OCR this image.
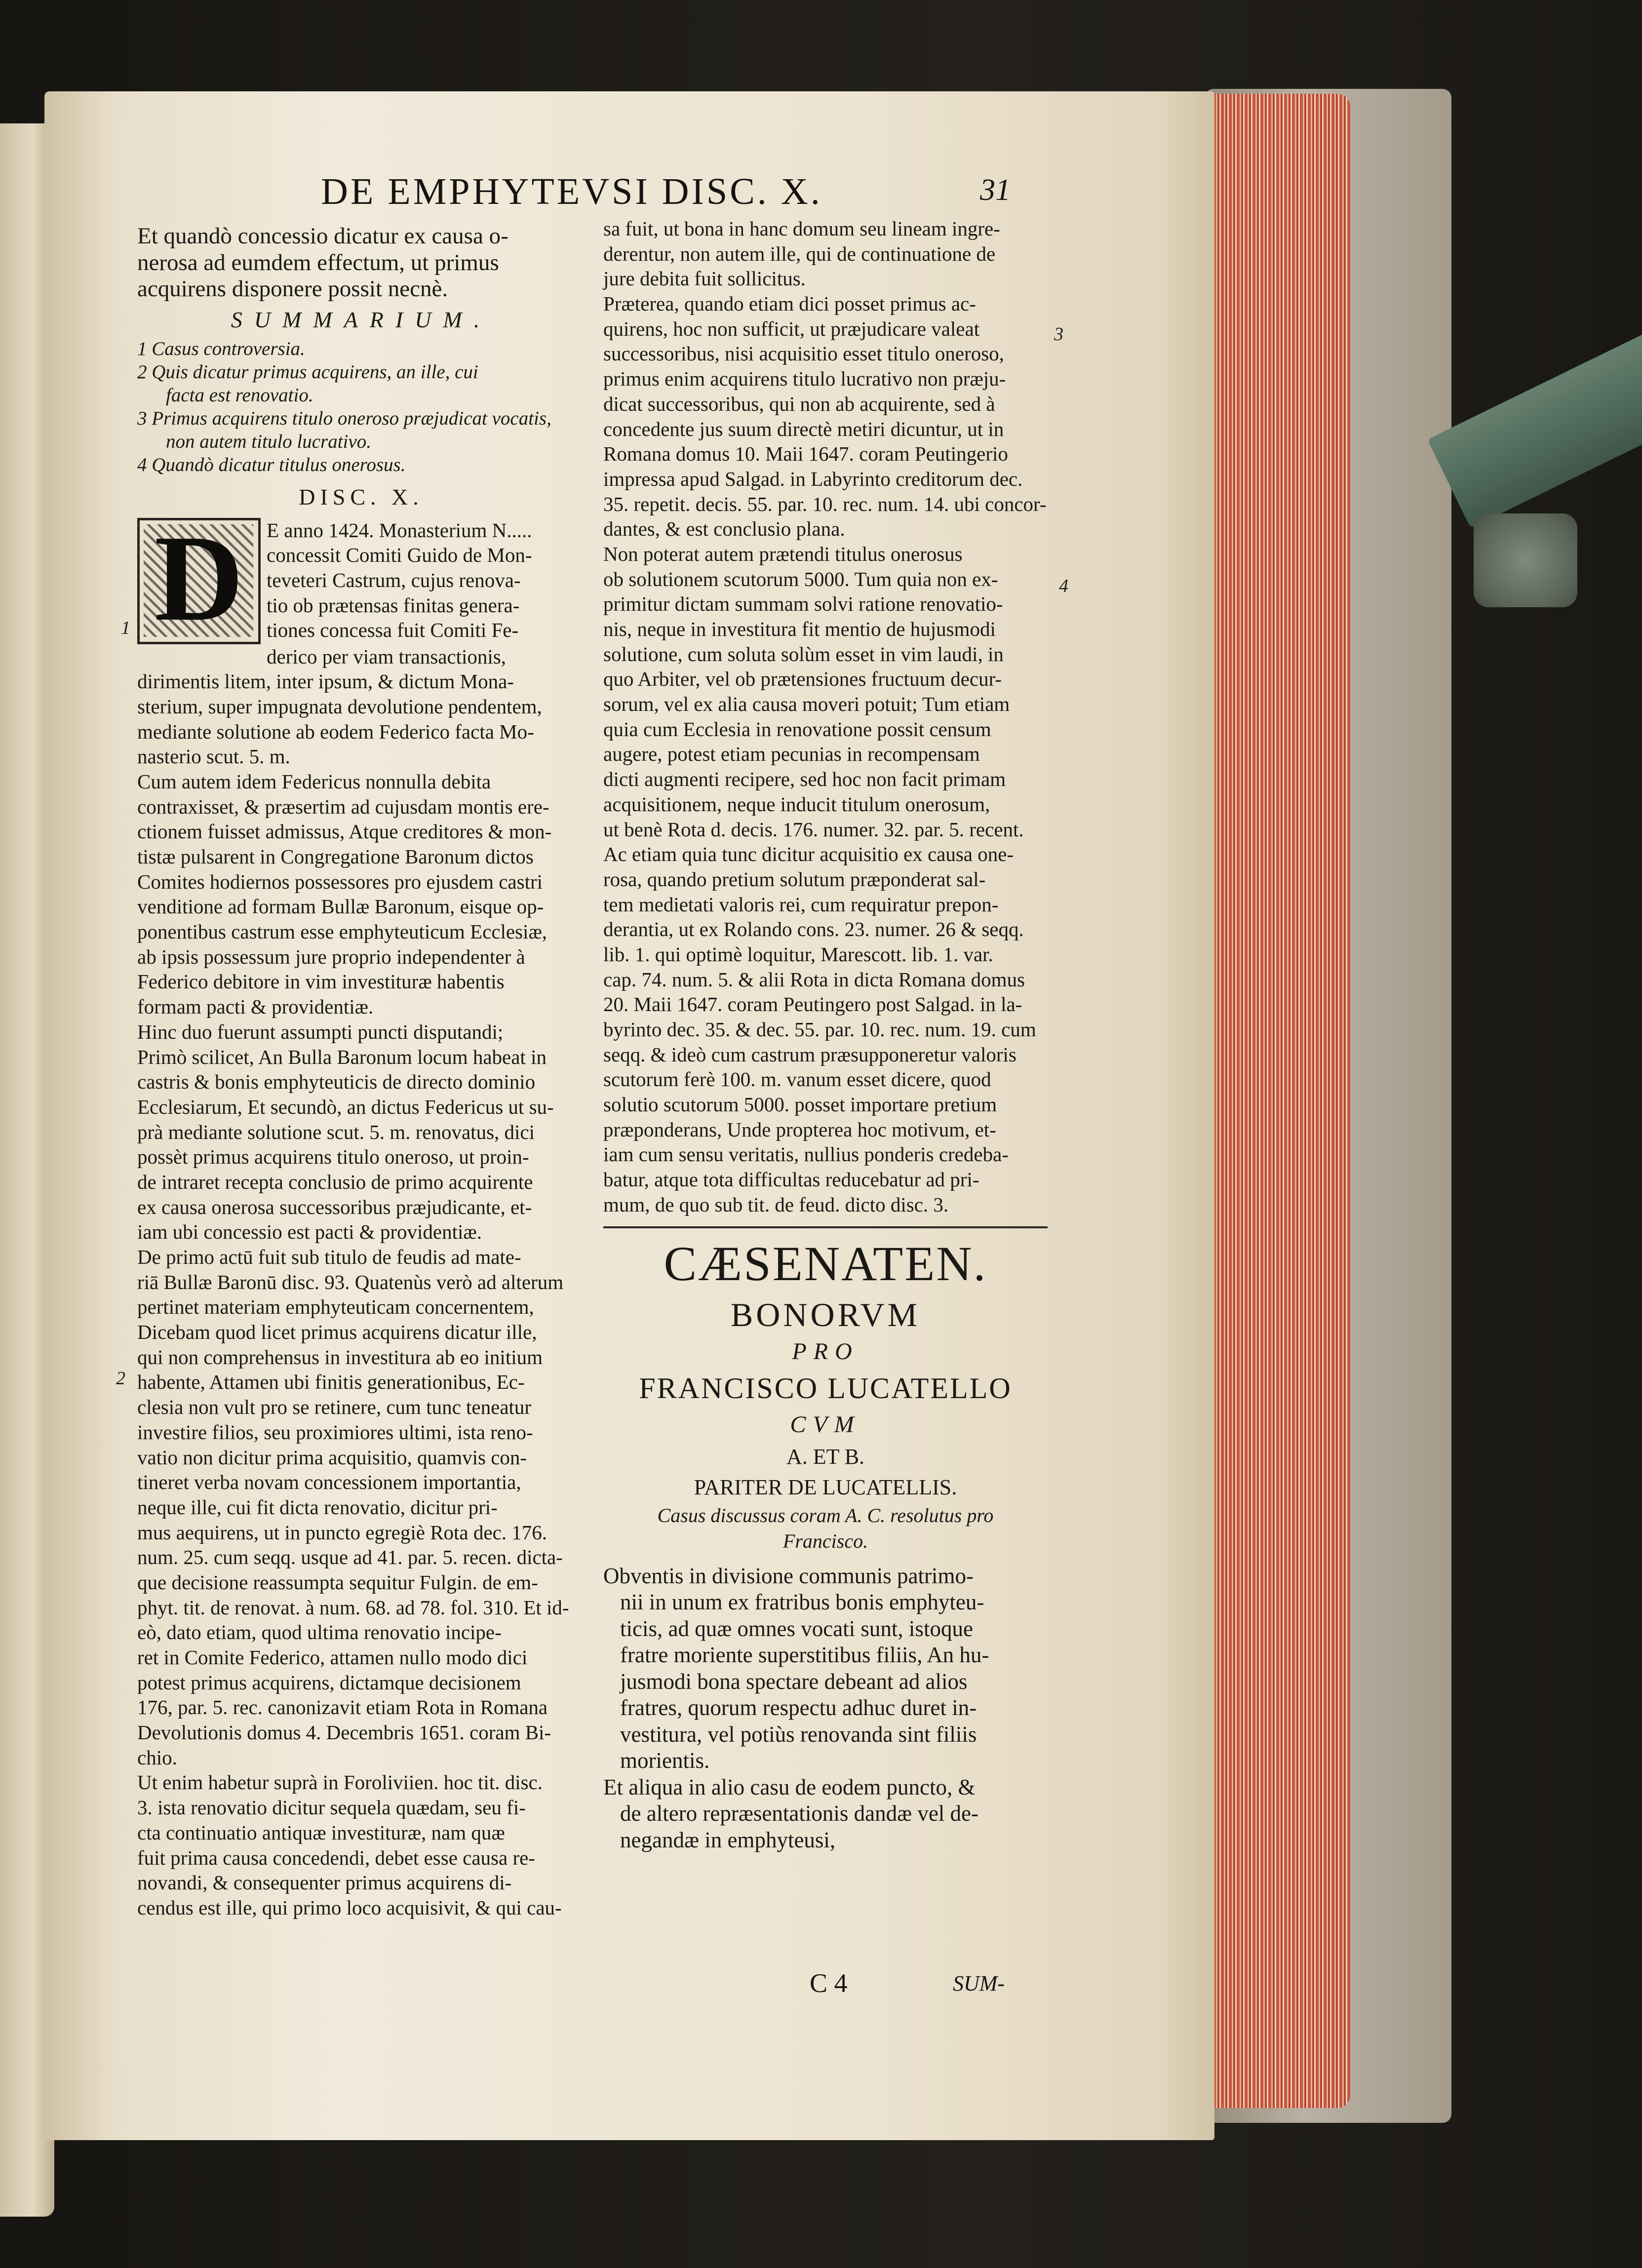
DE EMPHYTEVSI DISC. X.	31
Et quandò concessio dicatur ex causa o-
nerosa ad eumdem effectum, ut primus
acquirens disponere possit necnè.
SUMMARIUM.
1 Casus controversia.
2 Quis dicatur primus acquirens, an ille, cui
facta est renovatio.
3 Primus acquirens titulo oneroso præjudicat vocatis,
non autem titulo lucrativo.
4 Quandò dicatur titulus onerosus.
DISC. X.
D	E anno 1424. Monasterium N.....
concessit Comiti Guido de Mon-
teveteri Castrum, cujus renova-
tio ob prætensas finitas genera-
tiones concessa fuit Comiti Fe-
derico per viam transactionis,
dirimentis litem, inter ipsum, & dictum Mona-
sterium, super impugnata devolutione pendentem,
mediante solutione ab eodem Federico facta Mo-
nasterio scut. 5. m.
Cum autem idem Federicus nonnulla debita
contraxisset, & præsertim ad cujusdam montis ere-
ctionem fuisset admissus, Atque creditores & mon-
tistæ pulsarent in Congregatione Baronum dictos
Comites hodiernos possessores pro ejusdem castri
venditione ad formam Bullæ Baronum, eisque op-
ponentibus castrum esse emphyteuticum Ecclesiæ,
ab ipsis possessum jure proprio independenter à
Federico debitore in vim investituræ habentis
formam pacti & providentiæ.
Hinc duo fuerunt assumpti puncti disputandi;
Primò scilicet, An Bulla Baronum locum habeat in
castris & bonis emphyteuticis de directo dominio
Ecclesiarum, Et secundò, an dictus Federicus ut su-
prà mediante solutione scut. 5. m. renovatus, dici
possèt primus acquirens titulo oneroso, ut proin-
de intraret recepta conclusio de primo acquirente
ex causa onerosa successoribus præjudicante, et-
iam ubi concessio est pacti & providentiæ.
De primo actū fuit sub titulo de feudis ad mate-
riā Bullæ Baronū disc. 93. Quatenùs verò ad alterum
pertinet materiam emphyteuticam concernentem,
Dicebam quod licet primus acquirens dicatur ille,
qui non comprehensus in investitura ab eo initium
habente, Attamen ubi finitis generationibus, Ec-
clesia non vult pro se retinere, cum tunc teneatur
investire filios, seu proximiores ultimi, ista reno-
vatio non dicitur prima acquisitio, quamvis con-
tineret verba novam concessionem importantia,
neque ille, cui fit dicta renovatio, dicitur pri-
mus aequirens, ut in puncto egregiè Rota dec. 176.
num. 25. cum seqq. usque ad 41. par. 5. recen. dicta-
que decisione reassumpta sequitur Fulgin. de em-
phyt. tit. de renovat. à num. 68. ad 78. fol. 310. Et id-
eò, dato etiam, quod ultima renovatio incipe-
ret in Comite Federico, attamen nullo modo dici
potest primus acquirens, dictamque decisionem
176, par. 5. rec. canonizavit etiam Rota in Romana
Devolutionis domus 4. Decembris 1651. coram Bi-
chio.
Ut enim habetur suprà in Foroliviien. hoc tit. disc.
3. ista renovatio dicitur sequela quædam, seu fi-
cta continuatio antiquæ investituræ, nam quæ
fuit prima causa concedendi, debet esse causa re-
novandi, & consequenter primus acquirens di-
cendus est ille, qui primo loco acquisivit, & qui cau-
sa fuit, ut bona in hanc domum seu lineam ingre-
derentur, non autem ille, qui de continuatione de
jure debita fuit sollicitus.
Præterea, quando etiam dici posset primus ac-
quirens, hoc non sufficit, ut præjudicare valeat
successoribus, nisi acquisitio esset titulo oneroso,
primus enim acquirens titulo lucrativo non præju-
dicat successoribus, qui non ab acquirente, sed à
concedente jus suum directè metiri dicuntur, ut in
Romana domus 10. Maii 1647. coram Peutingerio
impressa apud Salgad. in Labyrinto creditorum dec.
35. repetit. decis. 55. par. 10. rec. num. 14. ubi concor-
dantes, & est conclusio plana.
Non poterat autem prætendi titulus onerosus
ob solutionem scutorum 5000. Tum quia non ex-
primitur dictam summam solvi ratione renovatio-
nis, neque in investitura fit mentio de hujusmodi
solutione, cum soluta solùm esset in vim laudi, in
quo Arbiter, vel ob prætensiones fructuum decur-
sorum, vel ex alia causa moveri potuit; Tum etiam
quia cum Ecclesia in renovatione possit censum
augere, potest etiam pecunias in recompensam
dicti augmenti recipere, sed hoc non facit primam
acquisitionem, neque inducit titulum onerosum,
ut benè Rota d. decis. 176. numer. 32. par. 5. recent.
Ac etiam quia tunc dicitur acquisitio ex causa one-
rosa, quando pretium solutum præponderat sal-
tem medietati valoris rei, cum requiratur prepon-
derantia, ut ex Rolando cons. 23. numer. 26 & seqq.
lib. 1. qui optimè loquitur, Marescott. lib. 1. var.
cap. 74. num. 5. & alii Rota in dicta Romana domus
20. Maii 1647. coram Peutingero post Salgad. in la-
byrinto dec. 35. & dec. 55. par. 10. rec. num. 19. cum
seqq. & ideò cum castrum præsupponeretur valoris
scutorum ferè 100. m. vanum esset dicere, quod
solutio scutorum 5000. posset importare pretium
præponderans, Unde propterea hoc motivum, et-
iam cum sensu veritatis, nullius ponderis credeba-
batur, atque tota difficultas reducebatur ad pri-
mum, de quo sub tit. de feud. dicto disc. 3.
CÆSENATEN.
BONORVM
PRO
FRANCISCO LUCATELLO
CVM
A. ET B.
PARITER DE LUCATELLIS.
Casus discussus coram A. C. resolutus pro
Francisco.
Obventis in divisione communis patrimo-
nii in unum ex fratribus bonis emphyteu-
ticis, ad quæ omnes vocati sunt, istoque
fratre moriente superstitibus filiis, An hu-
jusmodi bona spectare debeant ad alios
fratres, quorum respectu adhuc duret in-
vestitura, vel potiùs renovanda sint filiis
morientis.
Et aliqua in alio casu de eodem puncto, &
de altero repræsentationis dandæ vel de-
negandæ in emphyteusi,
1
2
3
4
C 4	SUM-
